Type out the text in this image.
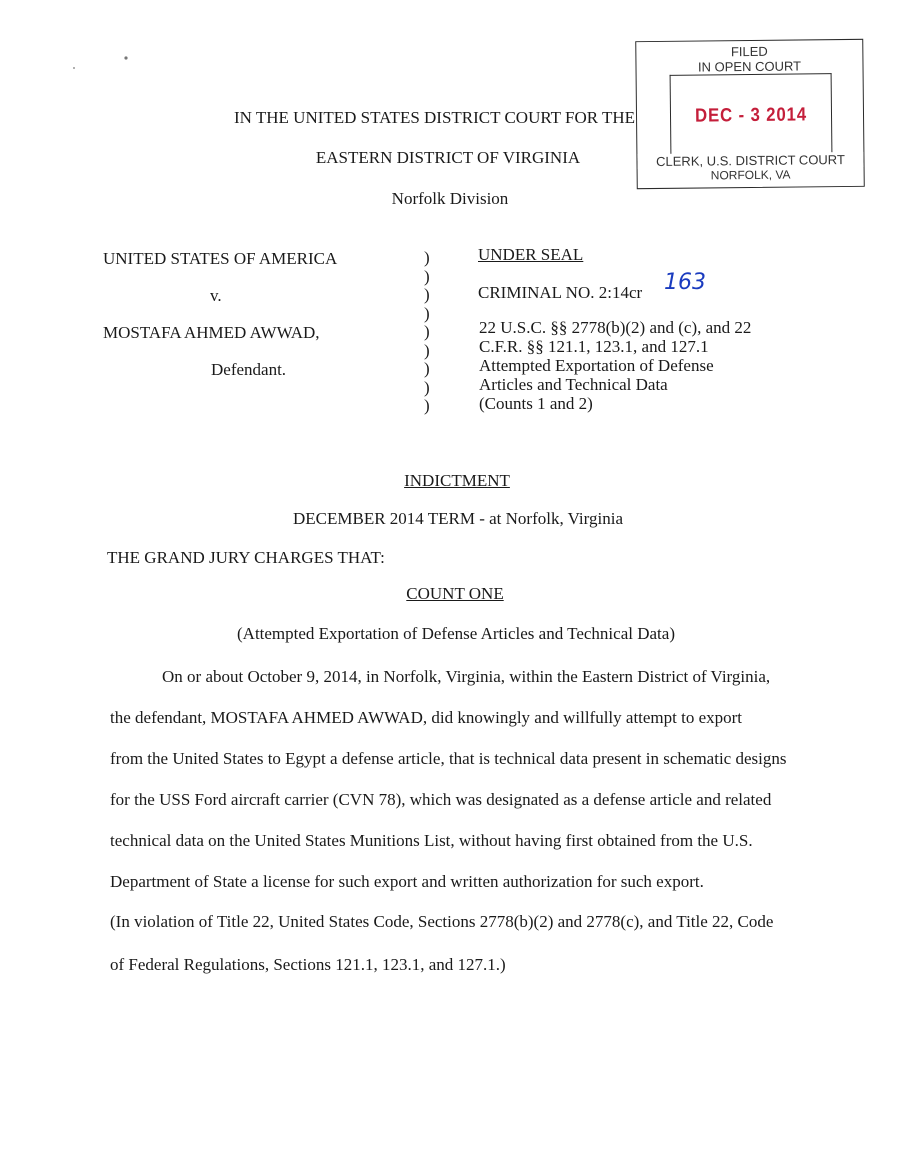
FILED
IN OPEN COURT
DEC - 3 2014
CLERK, U.S. DISTRICT COURT
NORFOLK, VA
IN THE UNITED STATES DISTRICT COURT FOR THE
EASTERN DISTRICT OF VIRGINIA
Norfolk Division
UNITED STATES OF AMERICA
v.
MOSTAFA AHMED AWWAD,
Defendant.
)
)
)
)
)
)
)
)
)
UNDER SEAL
CRIMINAL NO. 2:14cr 163
22 U.S.C. §§ 2778(b)(2) and (c), and 22
C.F.R. §§ 121.1, 123.1, and 127.1
Attempted Exportation of Defense
Articles and Technical Data
(Counts 1 and 2)
INDICTMENT
DECEMBER 2014 TERM - at Norfolk, Virginia
THE GRAND JURY CHARGES THAT:
COUNT ONE
(Attempted Exportation of Defense Articles and Technical Data)
On or about October 9, 2014, in Norfolk, Virginia, within the Eastern District of Virginia,
the defendant, MOSTAFA AHMED AWWAD, did knowingly and willfully attempt to export
from the United States to Egypt a defense article, that is technical data present in schematic designs
for the USS Ford aircraft carrier (CVN 78), which was designated as a defense article and related
technical data on the United States Munitions List, without having first obtained from the U.S.
Department of State a license for such export and written authorization for such export.
(In violation of Title 22, United States Code, Sections 2778(b)(2) and 2778(c), and Title 22, Code
of Federal Regulations, Sections 121.1, 123.1, and 127.1.)
